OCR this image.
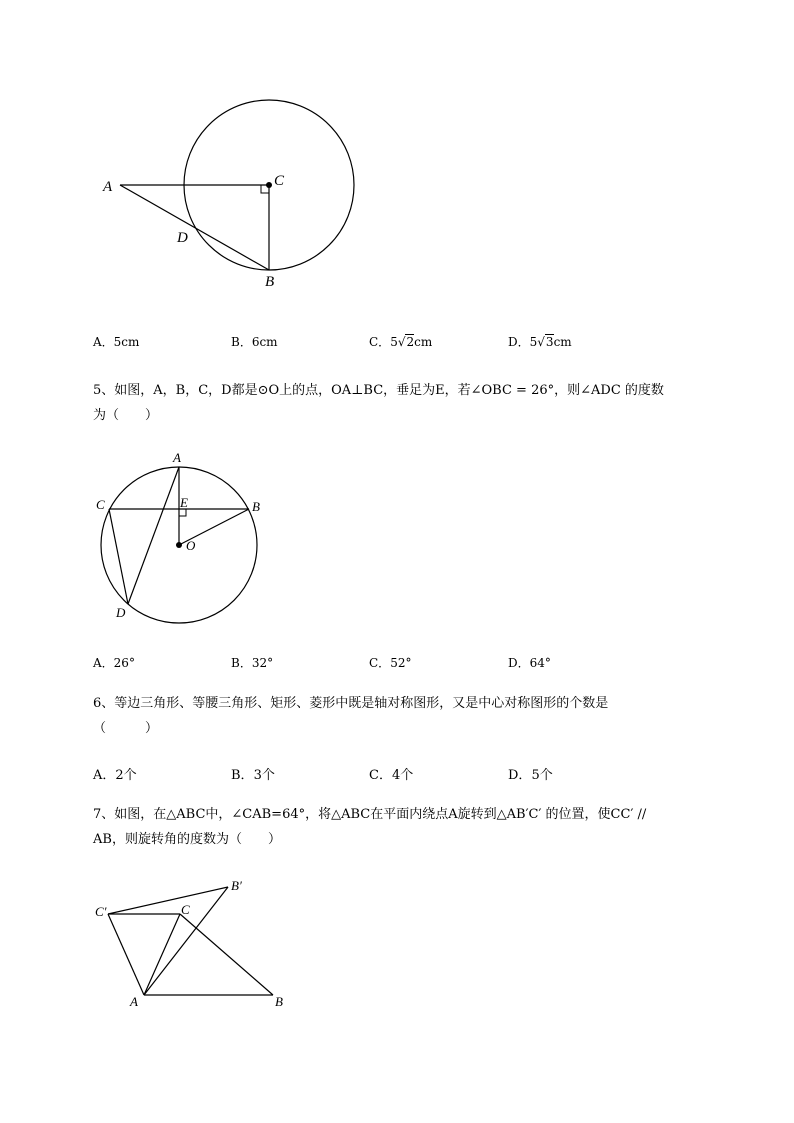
A	C
D
B
A．5cm	B．6cm	C．5√2cm	D．5√3cm
5、如图，A，B，C，D都是⊙O上的点，OA⊥BC，垂足为E，若∠OBC = 26°，则∠ADC 的度数
为（　　）
A
E	B
C
O
D
A．26°	B．32°	C．52°	D．64°
6、等边三角形、等腰三角形、矩形、菱形中既是轴对称图形，又是中心对称图形的个数是
（　　　）
A．2个	B．3个	C．4个	D．5个
7、如图，在△ABC中，∠CAB=64°，将△ABC在平面内绕点A旋转到△AB′C′ 的位置，使CC′ //
AB，则旋转角的度数为（　　）
B′
C′	C
A	B
